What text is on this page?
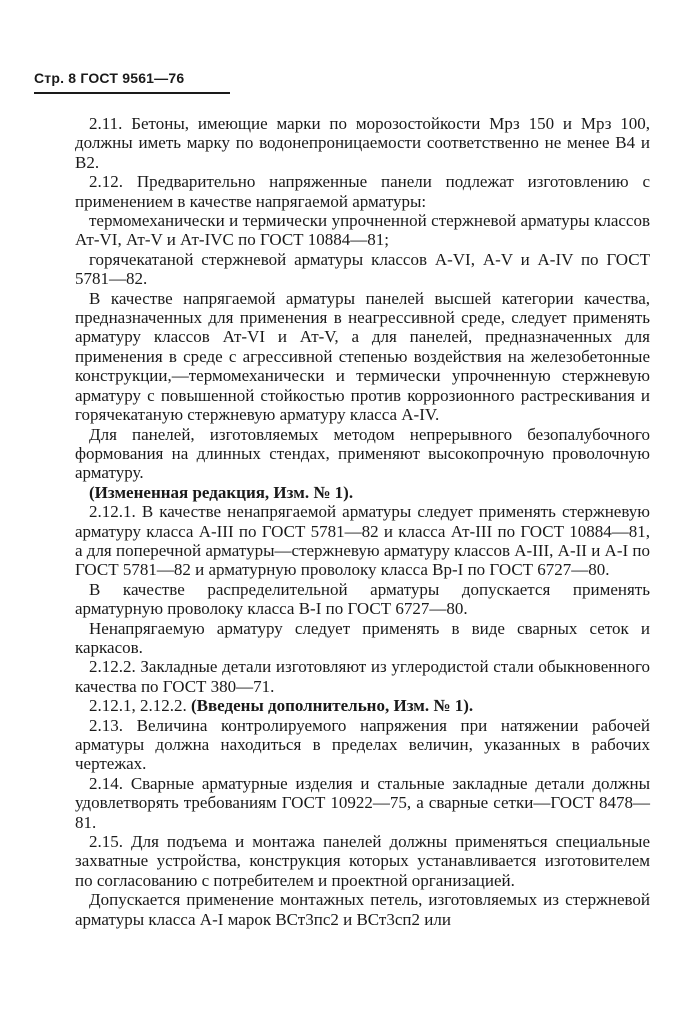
Стр. 8 ГОСТ 9561—76

2.11. Бетоны, имеющие марки по морозостойкости Мрз 150 и Мрз 100, должны иметь марку по водонепроницаемости соответственно не менее В4 и В2.

2.12. Предварительно напряженные панели подлежат изготовлению с применением в качестве напрягаемой арматуры:

термомеханически и термически упрочненной стержневой арматуры классов Ат-VI, Ат-V и Ат-IVС по ГОСТ 10884—81;

горячекатаной стержневой арматуры классов А-VI, А-V и А-IV по ГОСТ 5781—82.

В качестве напрягаемой арматуры панелей высшей категории качества, предназначенных для применения в неагрессивной среде, следует применять арматуру классов Ат-VI и Ат-V, а для панелей, предназначенных для применения в среде с агрессивной степенью воздействия на железобетонные конструкции,—термомеханически и термически упрочненную стержневую арматуру с повышенной стойкостью против коррозионного растрескивания и горячекатаную стержневую арматуру класса А-IV.

Для панелей, изготовляемых методом непрерывного безопалубочного формования на длинных стендах, применяют высокопрочную проволочную арматуру.

(Измененная редакция, Изм. № 1).

2.12.1. В качестве ненапрягаемой арматуры следует применять стержневую арматуру класса А-III по ГОСТ 5781—82 и класса Ат-III по ГОСТ 10884—81, а для поперечной арматуры—стержневую арматуру классов А-III, А-II и А-I по ГОСТ 5781—82 и арматурную проволоку класса Вр-I по ГОСТ 6727—80.

В качестве распределительной арматуры допускается применять арматурную проволоку класса В-I по ГОСТ 6727—80.

Ненапрягаемую арматуру следует применять в виде сварных сеток и каркасов.

2.12.2. Закладные детали изготовляют из углеродистой стали обыкновенного качества по ГОСТ 380—71.

2.12.1, 2.12.2. (Введены дополнительно, Изм. № 1).

2.13. Величина контролируемого напряжения при натяжении рабочей арматуры должна находиться в пределах величин, указанных в рабочих чертежах.

2.14. Сварные арматурные изделия и стальные закладные детали должны удовлетворять требованиям ГОСТ 10922—75, а сварные сетки—ГОСТ 8478—81.

2.15. Для подъема и монтажа панелей должны применяться специальные захватные устройства, конструкция которых устанавливается изготовителем по согласованию с потребителем и проектной организацией.

Допускается применение монтажных петель, изготовляемых из стержневой арматуры класса А-I марок ВСт3пс2 и ВСт3сп2 или
